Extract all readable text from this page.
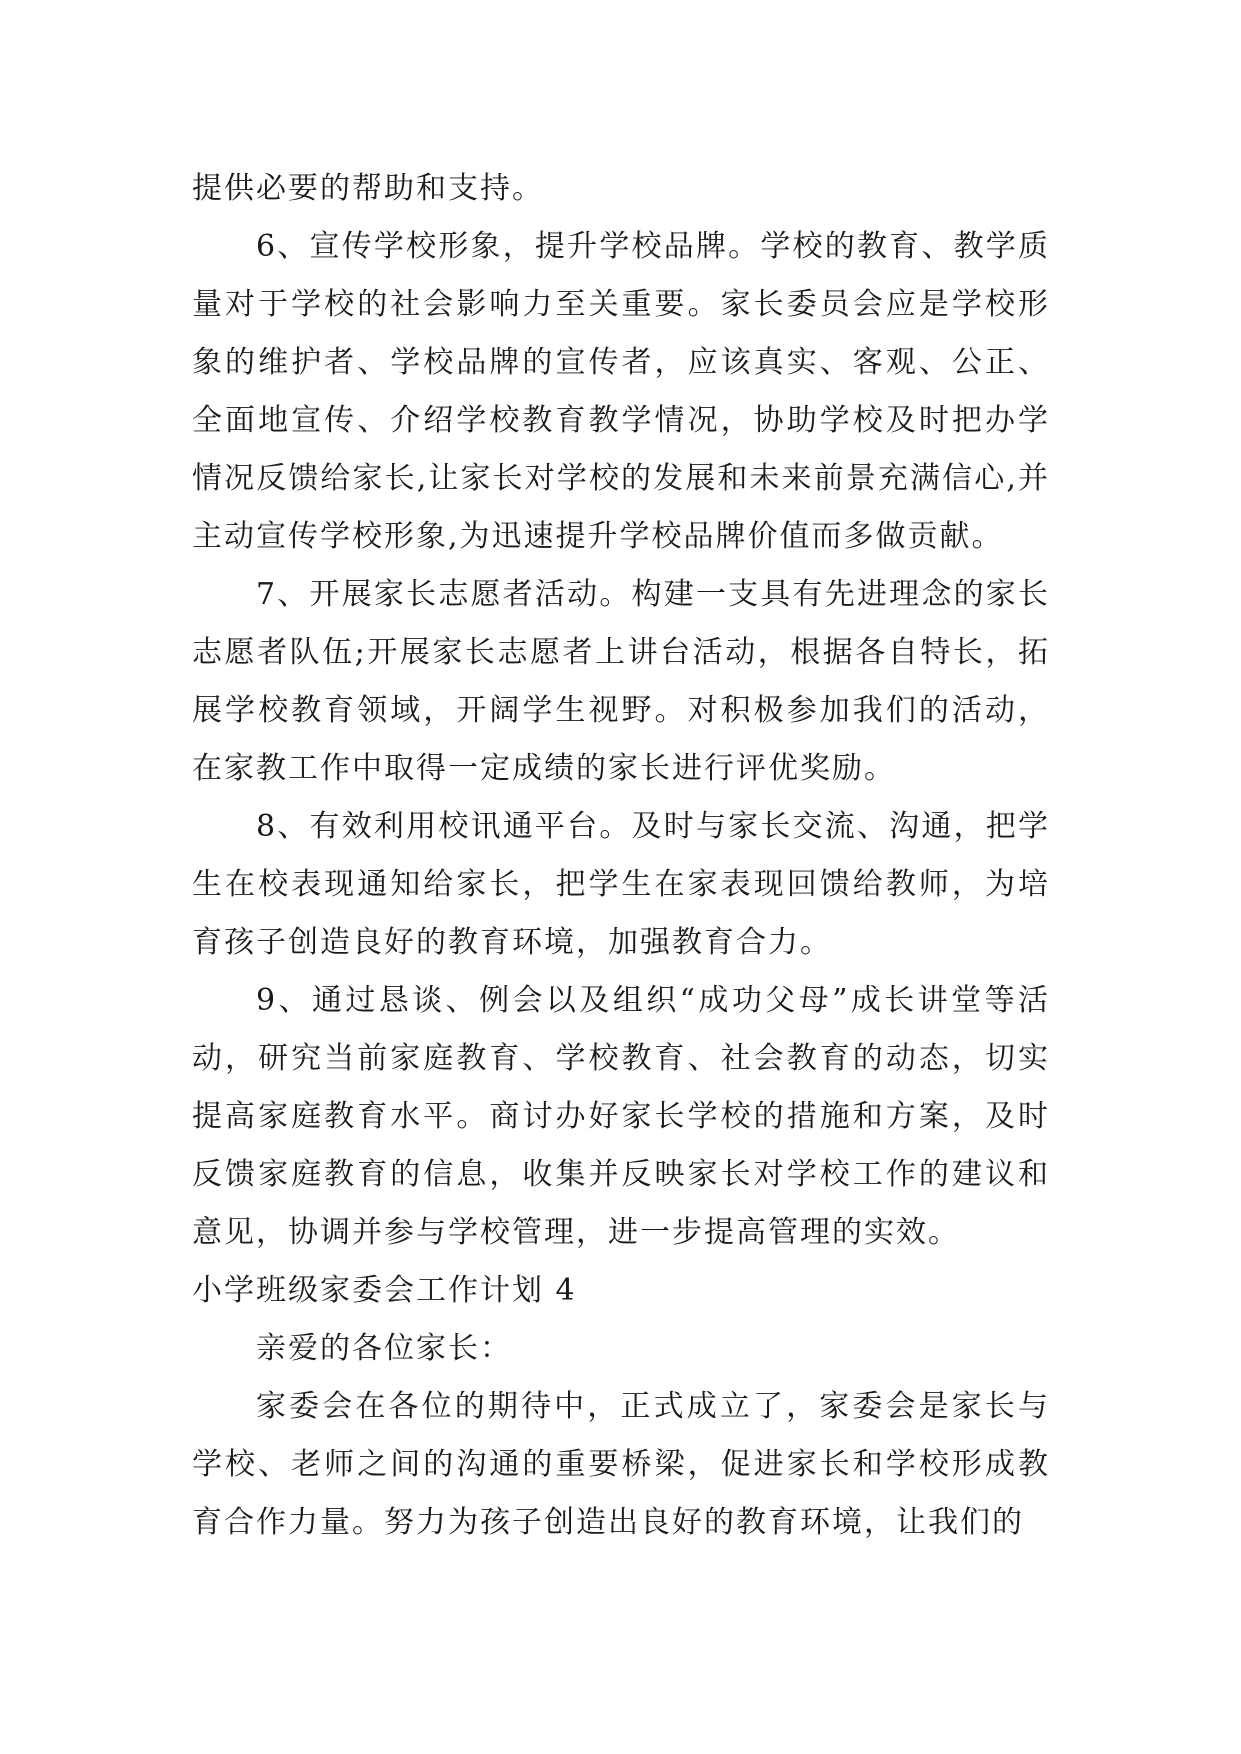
提供必要的帮助和支持。

6、宣传学校形象，提升学校品牌。学校的教育、教学质量对于学校的社会影响力至关重要。家长委员会应是学校形象的维护者、学校品牌的宣传者，应该真实、客观、公正、全面地宣传、介绍学校教育教学情况，协助学校及时把办学情况反馈给家长,让家长对学校的发展和未来前景充满信心,并主动宣传学校形象,为迅速提升学校品牌价值而多做贡献。

7、开展家长志愿者活动。构建一支具有先进理念的家长志愿者队伍;开展家长志愿者上讲台活动，根据各自特长，拓展学校教育领域，开阔学生视野。对积极参加我们的活动，在家教工作中取得一定成绩的家长进行评优奖励。

8、有效利用校讯通平台。及时与家长交流、沟通，把学生在校表现通知给家长，把学生在家表现回馈给教师，为培育孩子创造良好的教育环境，加强教育合力。

9、通过恳谈、例会以及组织“成功父母”成长讲堂等活动，研究当前家庭教育、学校教育、社会教育的动态，切实提高家庭教育水平。商讨办好家长学校的措施和方案，及时反馈家庭教育的信息，收集并反映家长对学校工作的建议和意见，协调并参与学校管理，进一步提高管理的实效。

小学班级家委会工作计划 4

亲爱的各位家长：

家委会在各位的期待中，正式成立了，家委会是家长与学校、老师之间的沟通的重要桥梁，促进家长和学校形成教育合作力量。努力为孩子创造出良好的教育环境，让我们的
